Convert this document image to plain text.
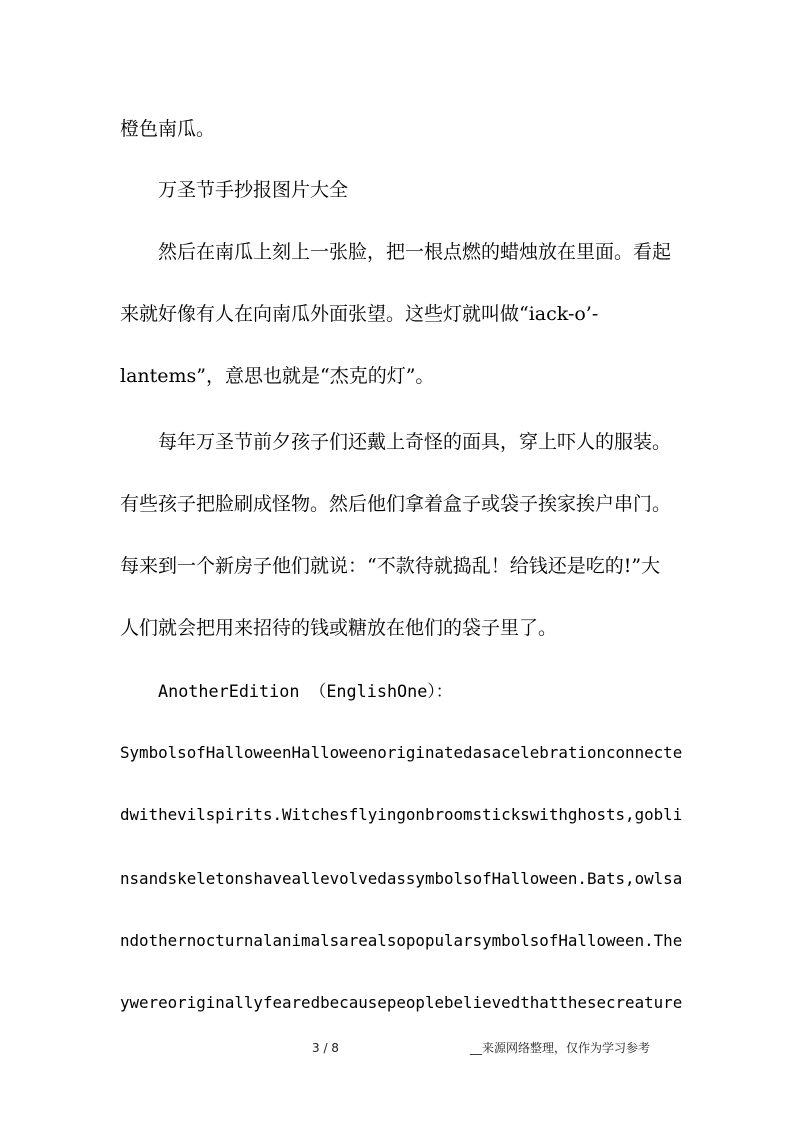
橙色南瓜。

万圣节手抄报图片大全

然后在南瓜上刻上一张脸，把一根点燃的蜡烛放在里面。看起

来就好像有人在向南瓜外面张望。这些灯就叫做“iack-o’-

lantems”，意思也就是“杰克的灯”。

每年万圣节前夕孩子们还戴上奇怪的面具，穿上吓人的服装。

有些孩子把脸刷成怪物。然后他们拿着盒子或袋子挨家挨户串门。

每来到一个新房子他们就说：“不款待就捣乱！给钱还是吃的!”大

人们就会把用来招待的钱或糖放在他们的袋子里了。

AnotherEdition （EnglishOne）：

SymbolsofHalloweenHalloweenoriginatedasacelebrationconnecte

dwithevilspirits.Witchesflyingonbroomstickswithghosts,gobli

nsandskeletonshaveallevolvedassymbolsofHalloween.Bats,owlsa

ndothernocturnalanimalsarealsopopularsymbolsofHalloween.The

ywereoriginallyfearedbecausepeoplebelievedthatthesecreature

3 / 8	__来源网络整理，仅作为学习参考
